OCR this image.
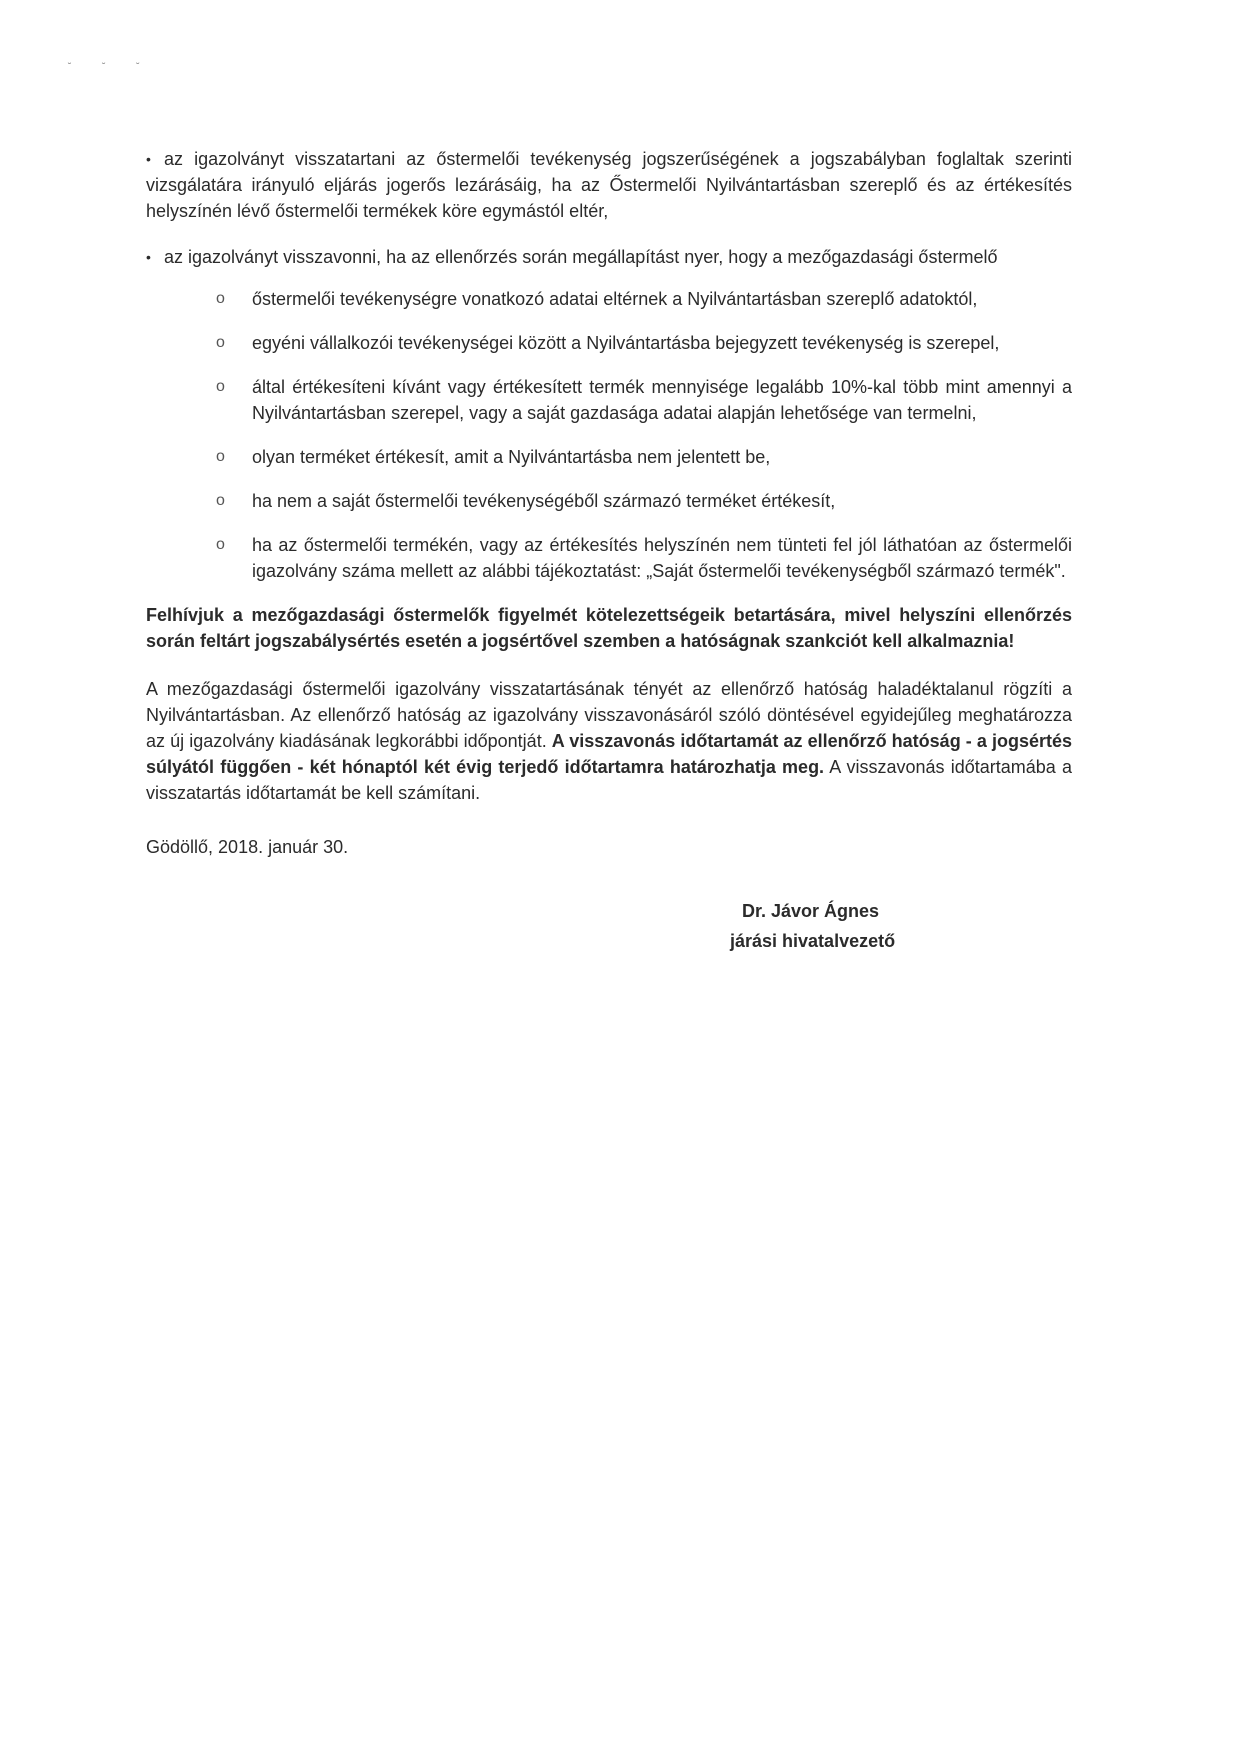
˘ ˘ ˘

• az igazolványt visszatartani az őstermelői tevékenység jogszerűségének a jogszabályban foglaltak szerinti vizsgálatára irányuló eljárás jogerős lezárásáig, ha az Őstermelői Nyilvántartásban szereplő és az értékesítés helyszínén lévő őstermelői termékek köre egymástól eltér,

• az igazolványt visszavonni, ha az ellenőrzés során megállapítást nyer, hogy a mezőgazdasági őstermelő

o őstermelői tevékenységre vonatkozó adatai eltérnek a Nyilvántartásban szereplő adatoktól,
o egyéni vállalkozói tevékenységei között a Nyilvántartásba bejegyzett tevékenység is szerepel,
o által értékesíteni kívánt vagy értékesített termék mennyisége legalább 10%-kal több mint amennyi a Nyilvántartásban szerepel, vagy a saját gazdasága adatai alapján lehetősége van termelni,
o olyan terméket értékesít, amit a Nyilvántartásba nem jelentett be,
o ha nem a saját őstermelői tevékenységéből származó terméket értékesít,
o ha az őstermelői termékén, vagy az értékesítés helyszínén nem tünteti fel jól láthatóan az őstermelői igazolvány száma mellett az alábbi tájékoztatást: „Saját őstermelői tevékenységből származó termék".

Felhívjuk a mezőgazdasági őstermelők figyelmét kötelezettségeik betartására, mivel helyszíni ellenőrzés során feltárt jogszabálysértés esetén a jogsértővel szemben a hatóságnak szankciót kell alkalmaznia!

A mezőgazdasági őstermelői igazolvány visszatartásának tényét az ellenőrző hatóság haladéktalanul rögzíti a Nyilvántartásban. Az ellenőrző hatóság az igazolvány visszavonásáról szóló döntésével egyidejűleg meghatározza az új igazolvány kiadásának legkorábbi időpontját. A visszavonás időtartamát az ellenőrző hatóság - a jogsértés súlyától függően - két hónaptól két évig terjedő időtartamra határozhatja meg. A visszavonás időtartamába a visszatartás időtartamát be kell számítani.

Gödöllő, 2018. január 30.

Dr. Jávor Ágnes
járási hivatalvezető
